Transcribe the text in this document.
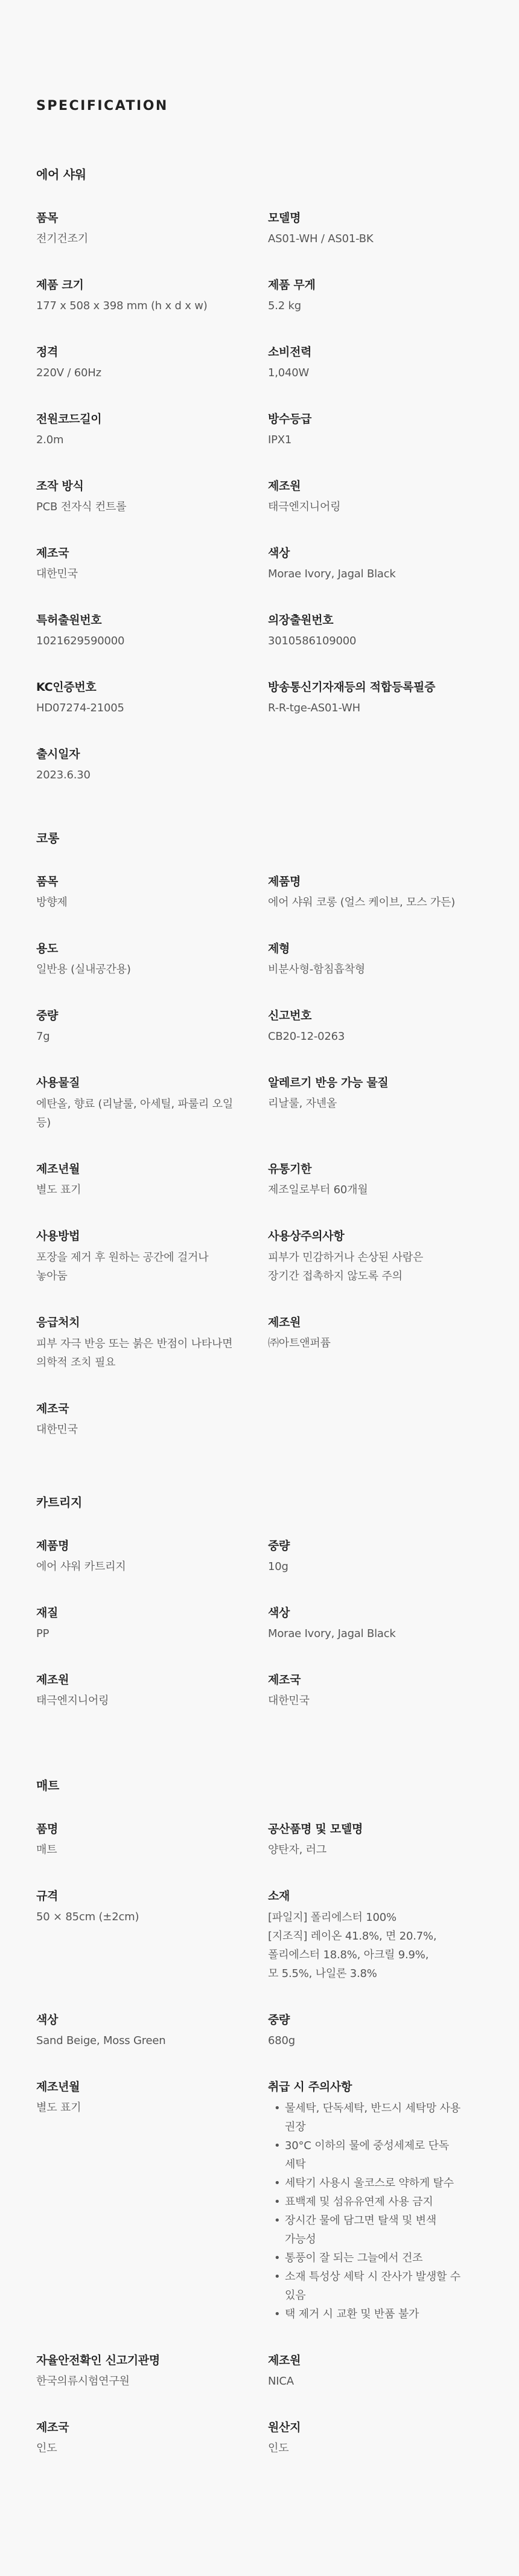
SPECIFICATION
에어 샤워
품목
전기건조기
모델명
AS01-WH / AS01-BK
제품 크기
177 x 508 x 398 mm (h x d x w)
제품 무게
5.2 kg
정격
220V / 60Hz
소비전력
1,040W
전원코드길이
2.0m
방수등급
IPX1
조작 방식
PCB 전자식 컨트롤
제조원
태극엔지니어링
제조국
대한민국
색상
Morae Ivory, Jagal Black
특허출원번호
1021629590000
의장출원번호
3010586109000
KC인증번호
HD07274-21005
방송통신기자재등의 적합등록필증
R-R-tge-AS01-WH
출시일자
2023.6.30
코롱
품목
방향제
제품명
에어 샤워 코롱 (얼스 케이브, 모스 가든)
용도
일반용 (실내공간용)
제형
비분사형-함침흡착형
중량
7g
신고번호
CB20-12-0263
사용물질
에탄올, 향료 (리날룰, 아세틸, 파룰리 오일
등)
알레르기 반응 가능 물질
리날룰, 자넨올
제조년월
별도 표기
유통기한
제조일로부터 60개월
사용방법
포장을 제거 후 원하는 공간에 걸거나
놓아둠
사용상주의사항
피부가 민감하거나 손상된 사람은
장기간 접촉하지 않도록 주의
응급처치
피부 자극 반응 또는 붉은 반점이 나타나면
의학적 조치 필요
제조원
㈜아트앤퍼퓸
제조국
대한민국
카트리지
제품명
에어 샤워 카트리지
중량
10g
재질
PP
색상
Morae Ivory, Jagal Black
제조원
태극엔지니어링
제조국
대한민국
매트
품명
매트
공산품명 및 모델명
양탄자, 러그
규격
50 × 85cm (±2cm)
소재
[파일지] 폴리에스터 100%
[지조직] 레이온 41.8%, 면 20.7%,
폴리에스터 18.8%, 아크릴 9.9%,
모 5.5%, 나일론 3.8%
색상
Sand Beige, Moss Green
중량
680g
제조년월
별도 표기
취급 시 주의사항
• 물세탁, 단독세탁, 반드시 세탁망 사용
권장
• 30°C 이하의 물에 중성세제로 단독
세탁
• 세탁기 사용시 울코스로 약하게 탈수
• 표백제 및 섬유유연제 사용 금지
• 장시간 물에 담그면 탈색 및 변색
가능성
• 통풍이 잘 되는 그늘에서 건조
• 소재 특성상 세탁 시 잔사가 발생할 수
있음
• 택 제거 시 교환 및 반품 불가
자율안전확인 신고기관명
한국의류시험연구원
제조원
NICA
제조국
인도
원산지
인도
